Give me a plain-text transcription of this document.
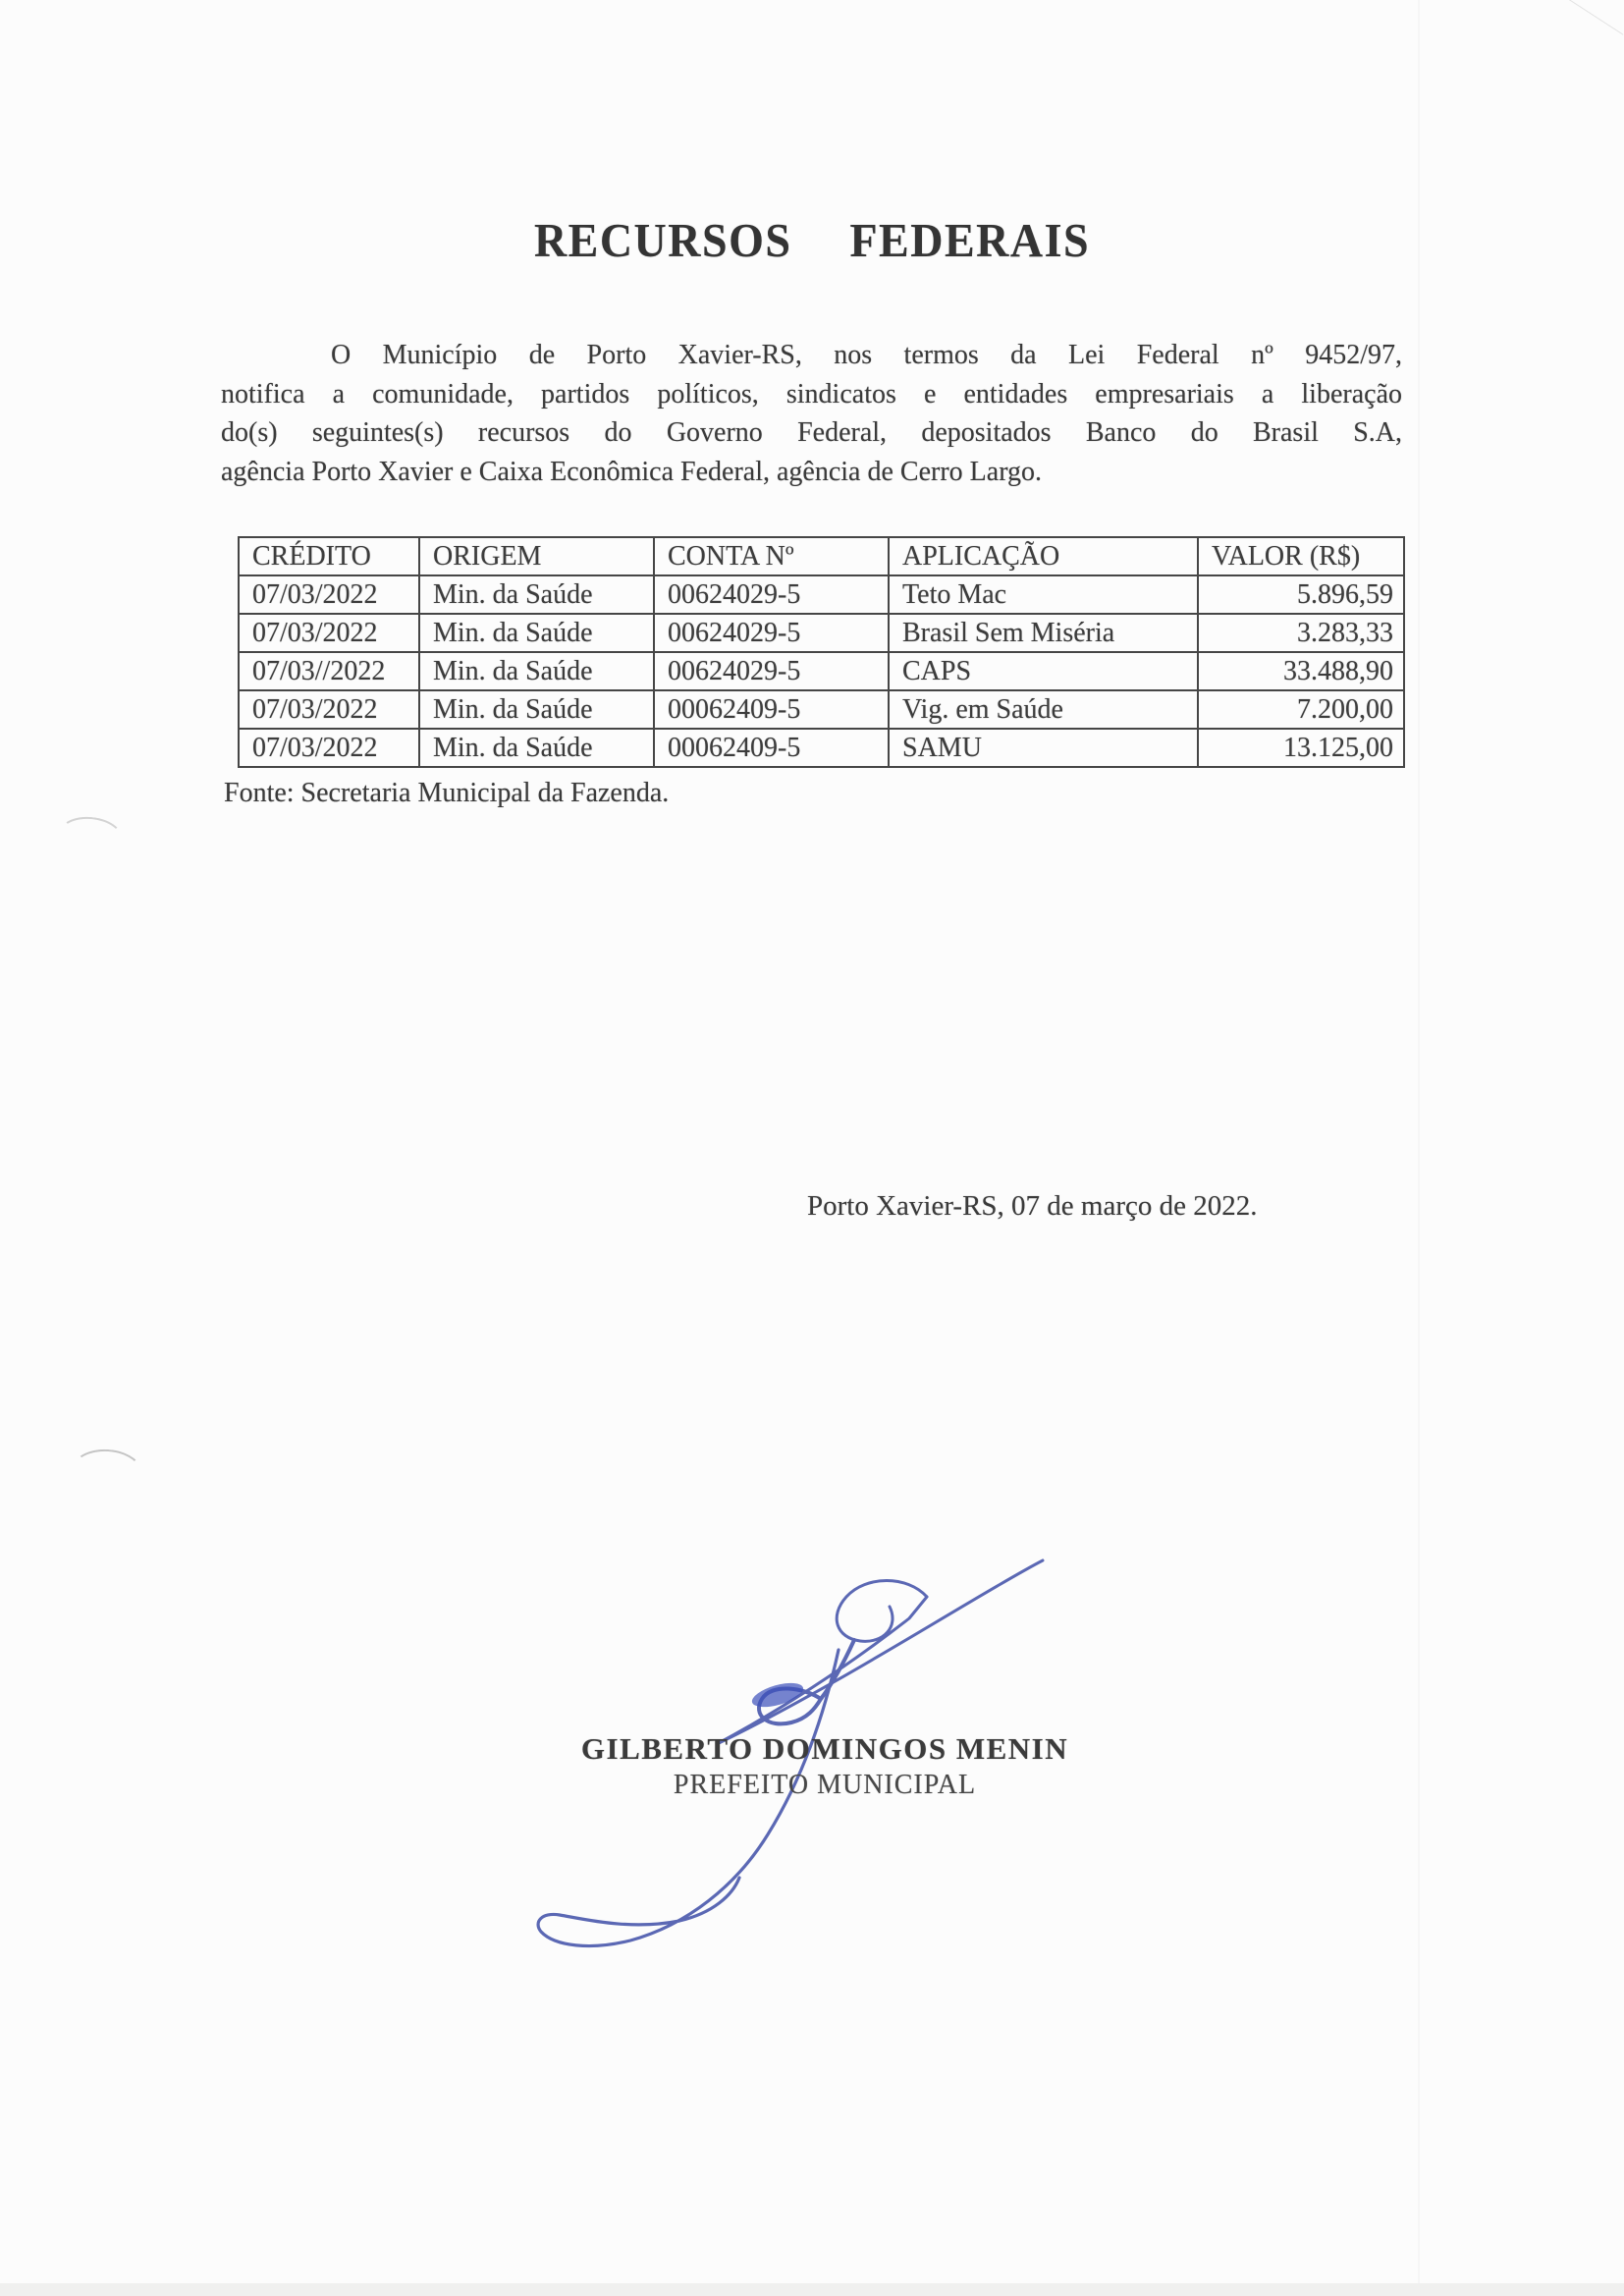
RECURSOS FEDERAIS
O Município de Porto Xavier-RS, nos termos da Lei Federal nº 9452/97,
notifica a comunidade, partidos políticos, sindicatos e entidades empresariais a liberação
do(s) seguintes(s) recursos do Governo Federal, depositados Banco do Brasil S.A,
agência Porto Xavier e Caixa Econômica Federal, agência de Cerro Largo.
CRÉDITO	ORIGEM	CONTA Nº	APLICAÇÃO	VALOR (R$)
07/03/2022	Min. da Saúde	00624029-5	Teto Mac	5.896,59
07/03/2022	Min. da Saúde	00624029-5	Brasil Sem Miséria	3.283,33
07/03//2022	Min. da Saúde	00624029-5	CAPS	33.488,90
07/03/2022	Min. da Saúde	00062409-5	Vig. em Saúde	7.200,00
07/03/2022	Min. da Saúde	00062409-5	SAMU	13.125,00
Fonte: Secretaria Municipal da Fazenda.
Porto Xavier-RS, 07 de março de 2022.
GILBERTO DOMINGOS MENIN
PREFEITO MUNICIPAL
